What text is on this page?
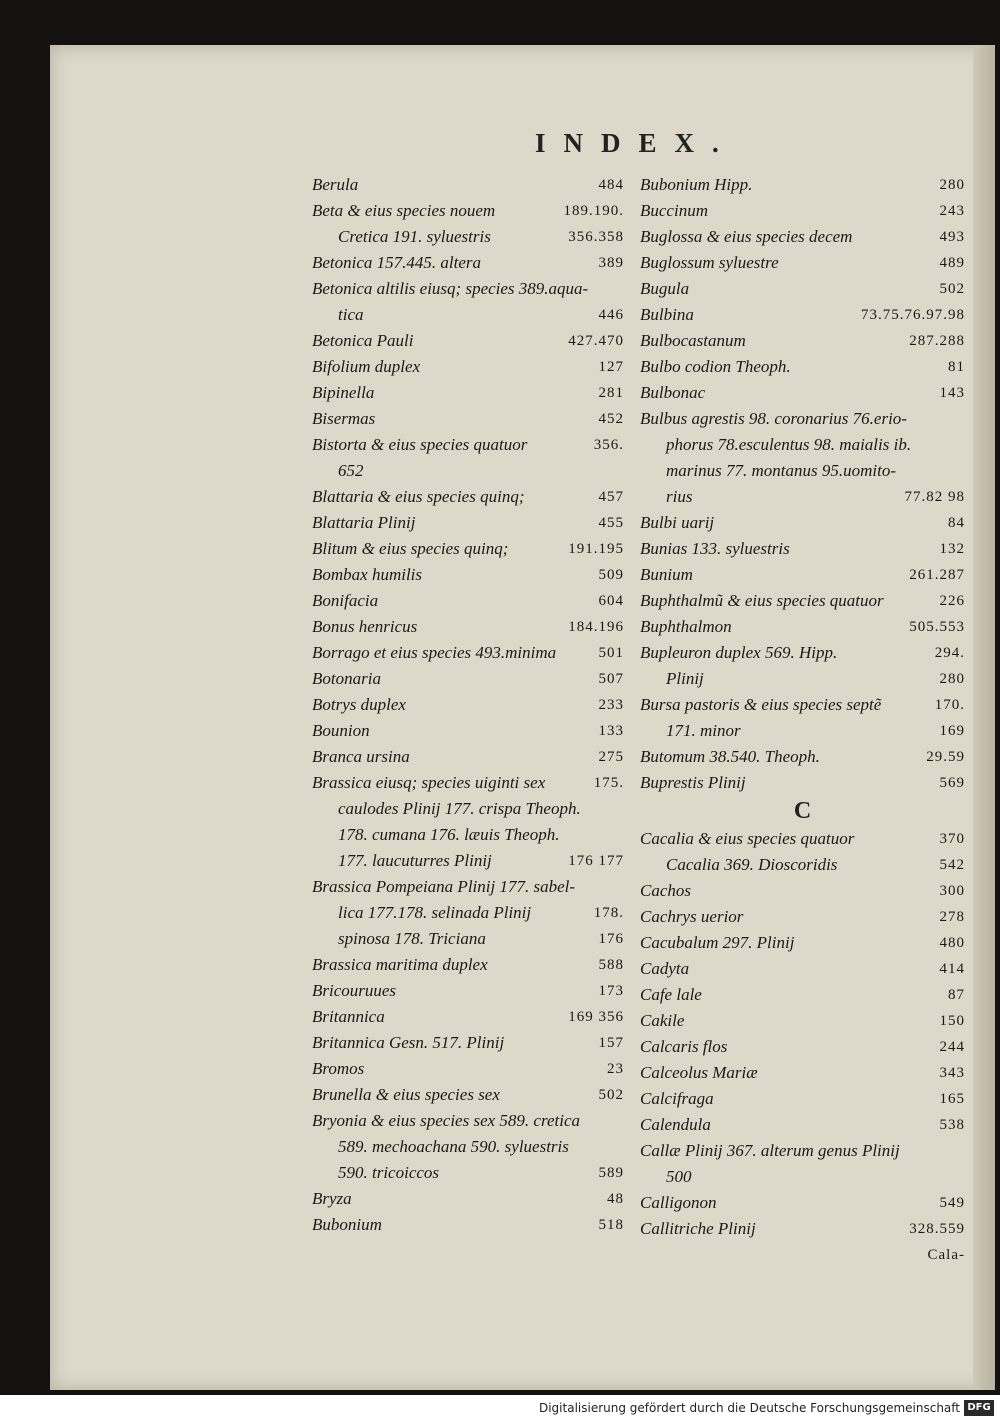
INDEX.
Berula	484
Beta & eius species nouem	189.190.
Cretica 191. syluestris	356.358
Betonica 157.445. altera	389
Betonica altilis eiusq; species 389.aqua-
tica	446
Betonica Pauli	427.470
Bifolium duplex	127
Bipinella	281
Bisermas	452
Bistorta & eius species quatuor	356.
652
Blattaria & eius species quinq;	457
Blattaria Plinij	455
Blitum & eius species quinq;	191.195
Bombax humilis	509
Bonifacia	604
Bonus henricus	184.196
Borrago et eius species 493.minima	501
Botonaria	507
Botrys duplex	233
Bounion	133
Branca ursina	275
Brassica eiusq; species uiginti sex	175.
caulodes Plinij 177. crispa Theoph.
178. cumana 176. læuis Theoph.
177. laucuturres Plinij	176 177
Brassica Pompeiana Plinij 177. sabel-
lica 177.178. selinada Plinij	178.
spinosa 178. Triciana	176
Brassica maritima duplex	588
Bricouruues	173
Britannica	169 356
Britannica Gesn. 517. Plinij	157
Bromos	23
Brunella & eius species sex	502
Bryonia & eius species sex 589. cretica
589. mechoachana 590. syluestris
590. tricoiccos	589
Bryza	48
Bubonium	518
Bubonium Hipp.	280
Buccinum	243
Buglossa & eius species decem	493
Buglossum syluestre	489
Bugula	502
Bulbina	73.75.76.97.98
Bulbocastanum	287.288
Bulbo codion Theoph.	81
Bulbonac	143
Bulbus agrestis 98. coronarius 76.erio-
phorus 78.esculentus 98. maialis ib.
marinus 77. montanus 95.uomito-
rius	77.82 98
Bulbi uarij	84
Bunias 133. syluestris	132
Bunium	261.287
Buphthalmũ & eius species quatuor	226
Buphthalmon	505.553
Bupleuron duplex 569. Hipp.	294.
Plinij	280
Bursa pastoris & eius species septẽ	170.
171. minor	169
Butomum 38.540. Theoph.	29.59
Buprestis Plinij	569
C
Cacalia & eius species quatuor	370
Cacalia 369. Dioscoridis	542
Cachos	300
Cachrys uerior	278
Cacubalum 297. Plinij	480
Cadyta	414
Cafe lale	87
Cakile	150
Calcaris flos	244
Calceolus Mariæ	343
Calcifraga	165
Calendula	538
Callæ Plinij 367. alterum genus Plinij
500
Calligonon	549
Callitriche Plinij	328.559
Cala-
Digitalisierung gefördert durch die Deutsche Forschungsgemeinschaft DFG
